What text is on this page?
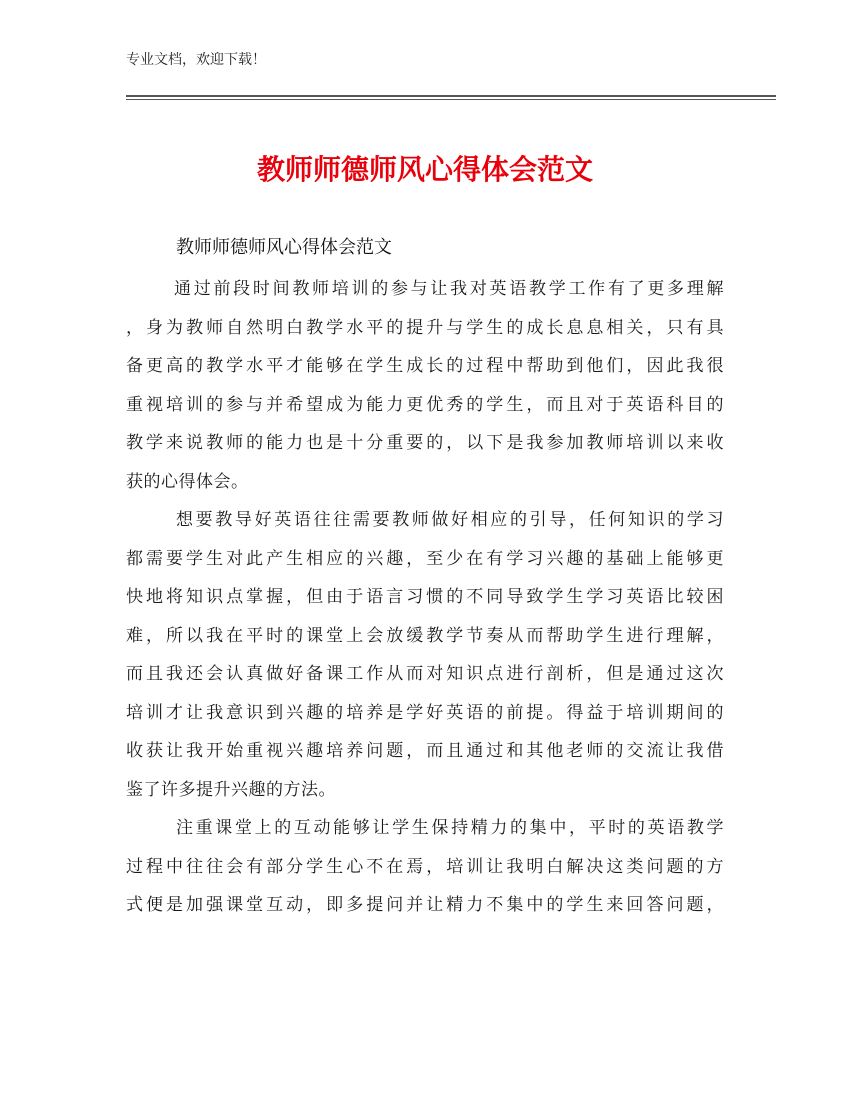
专业文档，欢迎下载！
教师师德师风心得体会范文
教师师德师风心得体会范文
通过前段时间教师培训的参与让我对英语教学工作有了更多理解
，身为教师自然明白教学水平的提升与学生的成长息息相关，只有具
备更高的教学水平才能够在学生成长的过程中帮助到他们，因此我很
重视培训的参与并希望成为能力更优秀的学生，而且对于英语科目的
教学来说教师的能力也是十分重要的，以下是我参加教师培训以来收
获的心得体会。
想要教导好英语往往需要教师做好相应的引导，任何知识的学习
都需要学生对此产生相应的兴趣，至少在有学习兴趣的基础上能够更
快地将知识点掌握，但由于语言习惯的不同导致学生学习英语比较困
难，所以我在平时的课堂上会放缓教学节奏从而帮助学生进行理解，
而且我还会认真做好备课工作从而对知识点进行剖析，但是通过这次
培训才让我意识到兴趣的培养是学好英语的前提。得益于培训期间的
收获让我开始重视兴趣培养问题，而且通过和其他老师的交流让我借
鉴了许多提升兴趣的方法。
注重课堂上的互动能够让学生保持精力的集中，平时的英语教学
过程中往往会有部分学生心不在焉，培训让我明白解决这类问题的方
式便是加强课堂互动，即多提问并让精力不集中的学生来回答问题，
